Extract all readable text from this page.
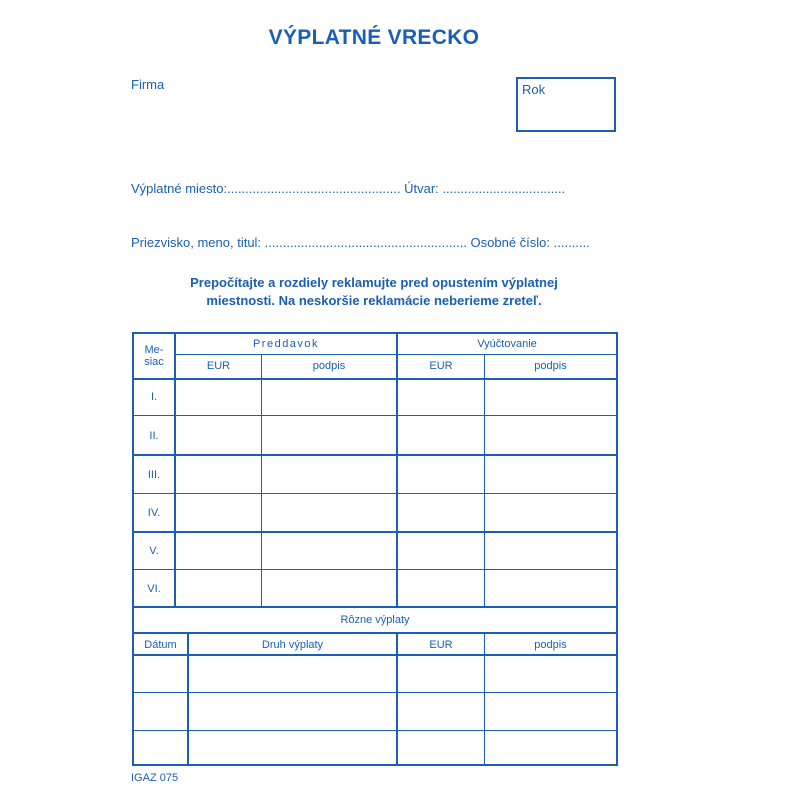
VÝPLATNÉ VRECKO
Firma	Rok
Výplatné miesto:................................................ Útvar: ..................................
Priezvisko, meno, titul: ........................................................ Osobné číslo: ..........
Prepočítajte a rozdiely reklamujte pred opustením výplatnej
miestnosti. Na neskoršie reklamácie neberieme zreteľ.
Me-
siac
Preddavok	Vyúčtovanie
EUR	podpis	EUR	podpis
I.
II.
III.
IV.
V.
VI.
Rôzne výplaty
Dátum	Druh výplaty	EUR	podpis
IGAZ 075
